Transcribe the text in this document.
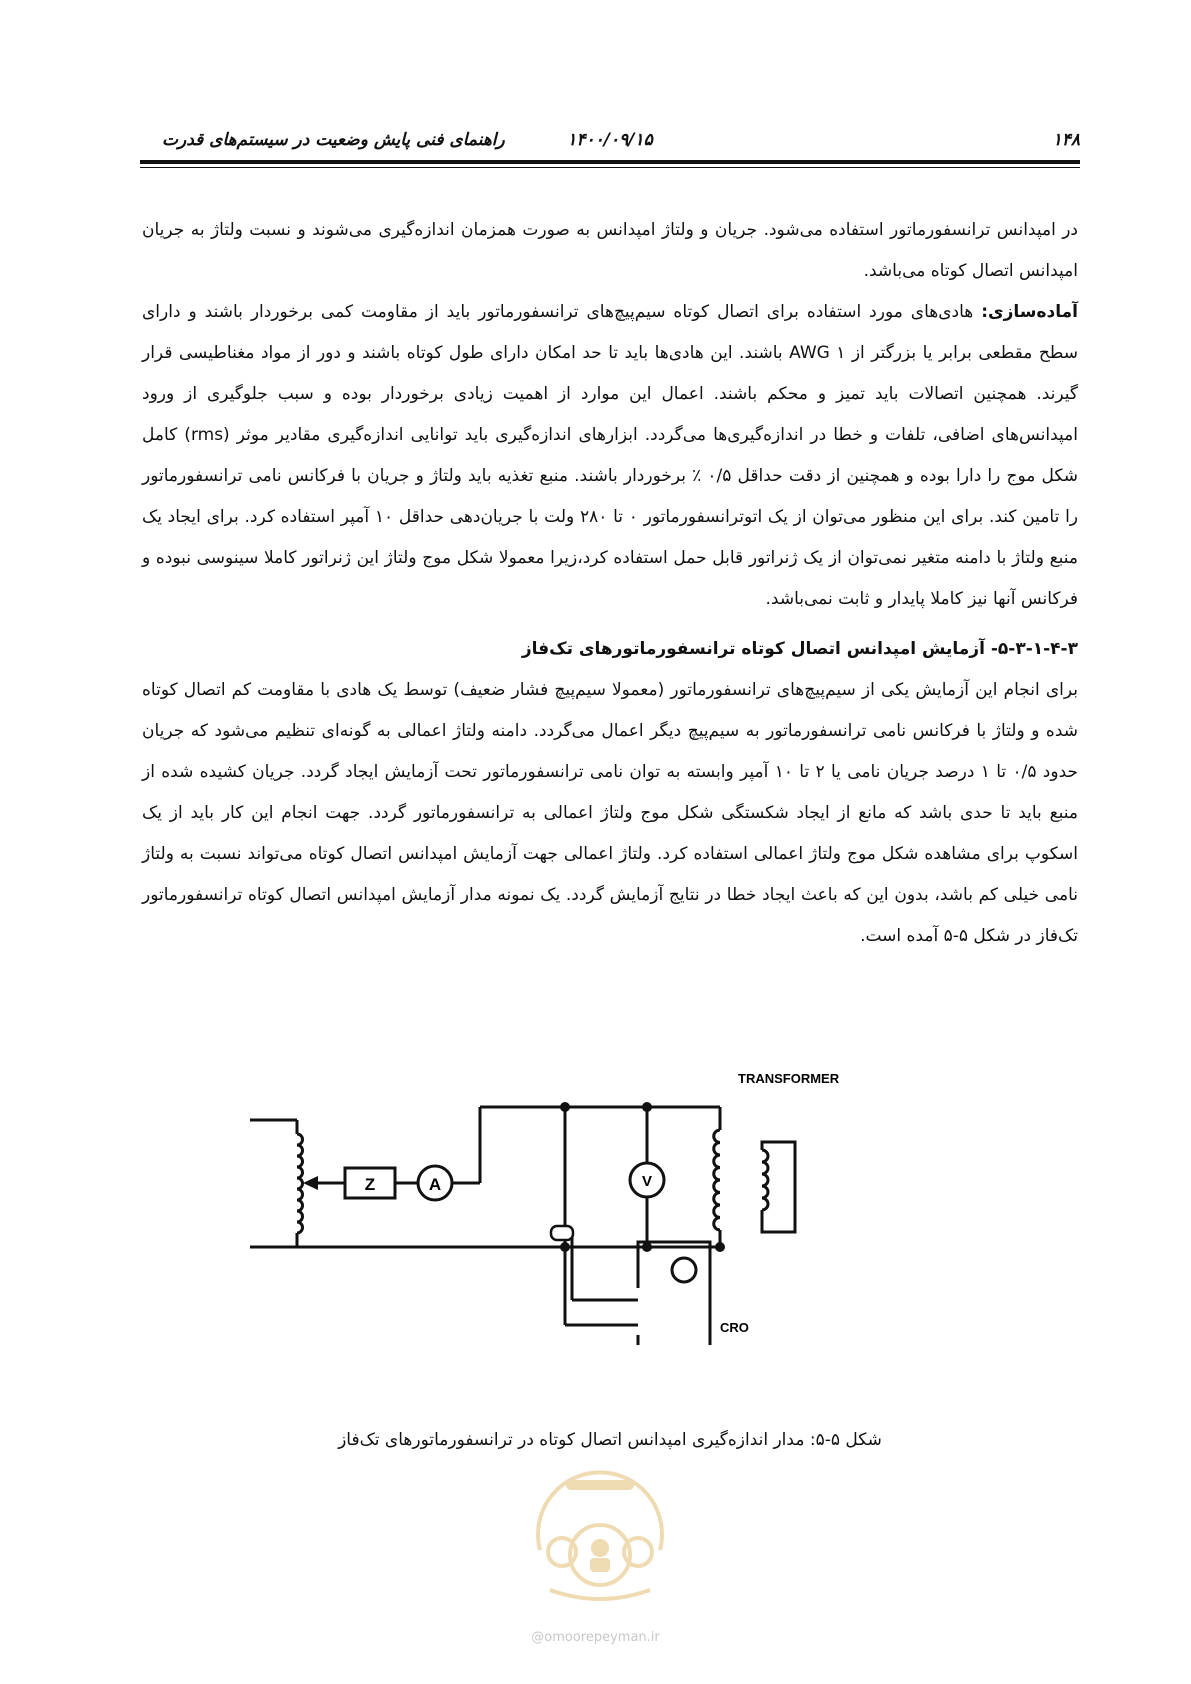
۱۴۸
۱۴۰۰/۰۹/۱۵
راهنمای فنی پایش وضعیت در سیستم‌های قدرت

در امپدانس ترانسفورماتور استفاده می‌شود. جریان و ولتاژ امپدانس به صورت همزمان اندازه‌گیری می‌شوند و نسبت ولتاژ به جریان امپدانس اتصال کوتاه می‌باشد.

آماده‌سازی: هادی‌های مورد استفاده برای اتصال کوتاه سیم‌پیچ‌های ترانسفورماتور باید از مقاومت کمی برخوردار باشند و دارای سطح مقطعی برابر یا بزرگتر از AWG ۱ باشند. این هادی‌ها باید تا حد امکان دارای طول کوتاه باشند و دور از مواد مغناطیسی قرار گیرند. همچنین اتصالات باید تمیز و محکم باشند. اعمال این موارد از اهمیت زیادی برخوردار بوده و سبب جلوگیری از ورود امپدانس‌های اضافی، تلفات و خطا در اندازه‌گیری‌ها می‌گردد. ابزارهای اندازه‌گیری باید توانایی اندازه‌گیری مقادیر موثر (rms) کامل شکل موج را دارا بوده و همچنین از دقت حداقل ۰/۵ ٪ برخوردار باشند. منبع تغذیه باید ولتاژ و جریان با فرکانس نامی ترانسفورماتور را تامین کند. برای این منظور می‌توان از یک اتوترانسفورماتور ۰ تا ۲۸۰ ولت با جریان‌دهی حداقل ۱۰ آمپر استفاده کرد. برای ایجاد یک منبع ولتاژ با دامنه متغیر نمی‌توان از یک ژنراتور قابل حمل استفاده کرد،زیرا معمولا شکل موج ولتاژ این ژنراتور کاملا سینوسی نبوده و فرکانس آنها نیز کاملا پایدار و ثابت نمی‌باشد.

۵-۳-۱-۴-۳- آزمایش امپدانس اتصال کوتاه ترانسفورماتورهای تک‌فاز

برای انجام این آزمایش یکی از سیم‌پیچ‌های ترانسفورماتور (معمولا سیم‌پیچ فشار ضعیف) توسط یک هادی با مقاومت کم اتصال کوتاه شده و ولتاژ با فرکانس نامی ترانسفورماتور به سیم‌پیچ دیگر اعمال می‌گردد. دامنه ولتاژ اعمالی به گونه‌ای تنظیم می‌شود که جریان حدود ۰/۵ تا ۱ درصد جریان نامی یا ۲ تا ۱۰ آمپر وابسته به توان نامی ترانسفورماتور تحت آزمایش ایجاد گردد. جریان کشیده شده از منبع باید تا حدی باشد که مانع از ایجاد شکستگی شکل موج ولتاژ اعمالی به ترانسفورماتور گردد. جهت انجام این کار باید از یک اسکوپ برای مشاهده شکل موج ولتاژ اعمالی استفاده کرد. ولتاژ اعمالی جهت آزمایش امپدانس اتصال کوتاه می‌تواند نسبت به ولتاژ نامی خیلی کم باشد، بدون این که باعث ایجاد خطا در نتایج آزمایش گردد. یک نمونه مدار آزمایش امپدانس اتصال کوتاه ترانسفورماتور تک‌فاز در شکل ۵-۵ آمده است.

Z	A	V
TRANSFORMER
CRO
شکل ۵-۵: مدار اندازه‌گیری امپدانس اتصال کوتاه در ترانسفورماتورهای تک‌فاز
@omoorepeyman.ir
